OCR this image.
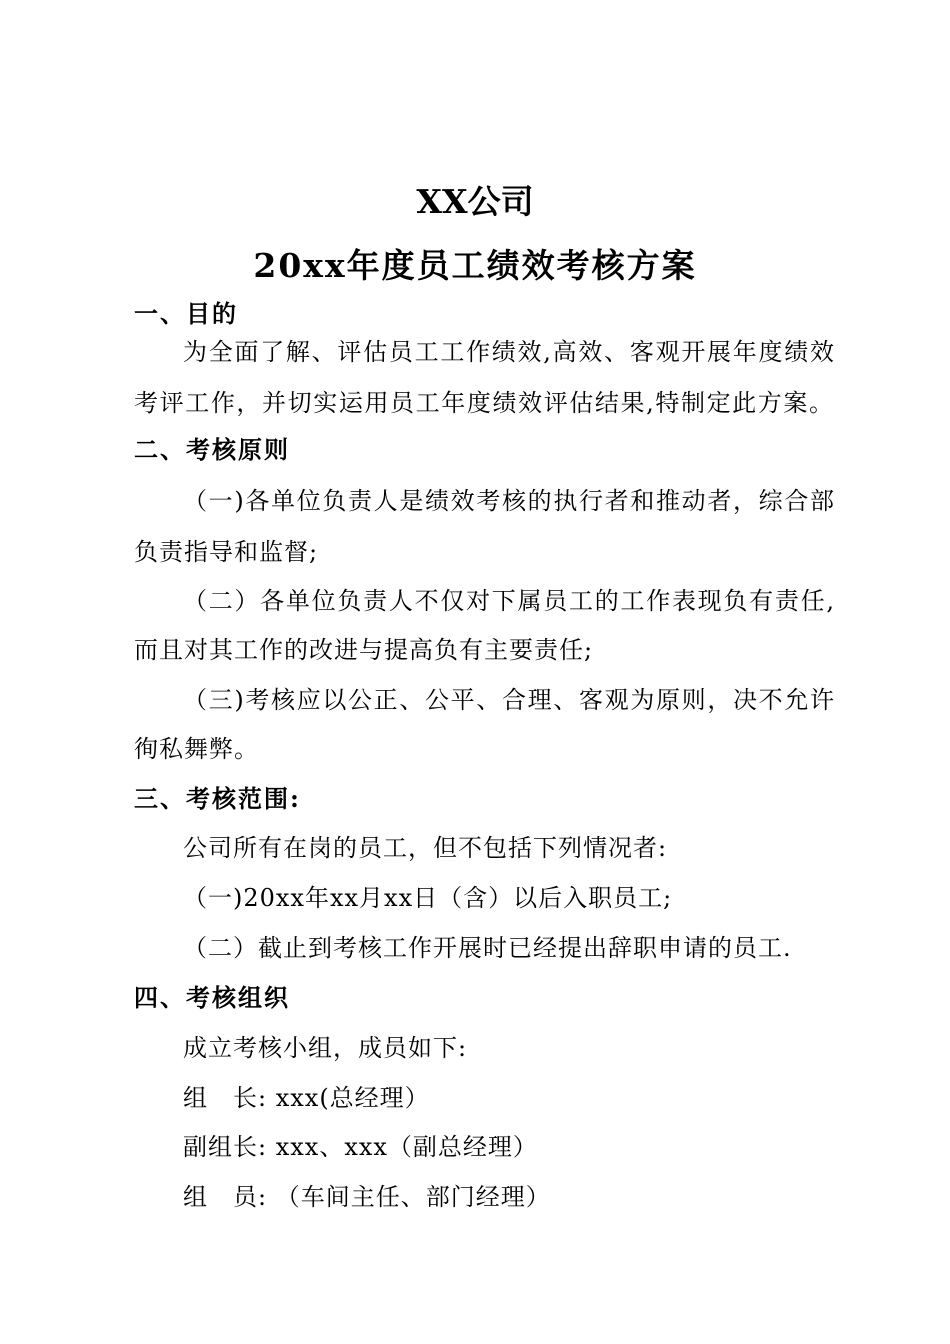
XX公司
20xx年度员工绩效考核方案
一、目的
为全面了解、评估员工工作绩效,高效、客观开展年度绩效
考评工作，并切实运用员工年度绩效评估结果,特制定此方案。
二、考核原则
（一)各单位负责人是绩效考核的执行者和推动者，综合部
负责指导和监督;
（二）各单位负责人不仅对下属员工的工作表现负有责任,
而且对其工作的改进与提高负有主要责任;
（三)考核应以公正、公平、合理、客观为原则，决不允许
徇私舞弊。
三、考核范围:
公司所有在岗的员工，但不包括下列情况者:
（一)20xx年xx月xx日（含）以后入职员工;
（二）截止到考核工作开展时已经提出辞职申请的员工.
四、考核组织
成立考核小组，成员如下:
组　长: xxx(总经理）
副组长: xxx、xxx（副总经理）
组　员: （车间主任、部门经理）
